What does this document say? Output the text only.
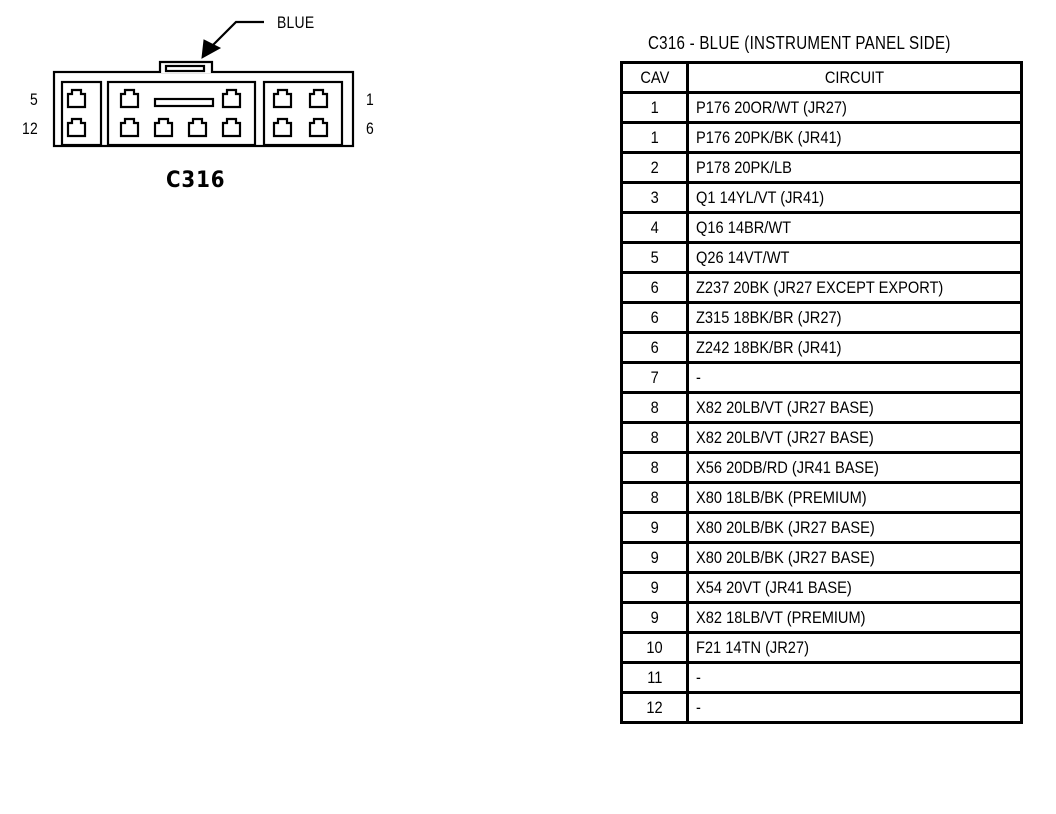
BLUE
5
12
1
6
C316
C316 - BLUE (INSTRUMENT PANEL SIDE)
CAV	CIRCUIT
1	P176 20OR/WT (JR27)
1	P176 20PK/BK (JR41)
2	P178 20PK/LB
3	Q1 14YL/VT (JR41)
4	Q16 14BR/WT
5	Q26 14VT/WT
6	Z237 20BK (JR27 EXCEPT EXPORT)
6	Z315 18BK/BR (JR27)
6	Z242 18BK/BR (JR41)
7	-
8	X82 20LB/VT (JR27 BASE)
8	X82 20LB/VT (JR27 BASE)
8	X56 20DB/RD (JR41 BASE)
8	X80 18LB/BK (PREMIUM)
9	X80 20LB/BK (JR27 BASE)
9	X80 20LB/BK (JR27 BASE)
9	X54 20VT (JR41 BASE)
9	X82 18LB/VT (PREMIUM)
10	F21 14TN (JR27)
11	-
12	-
